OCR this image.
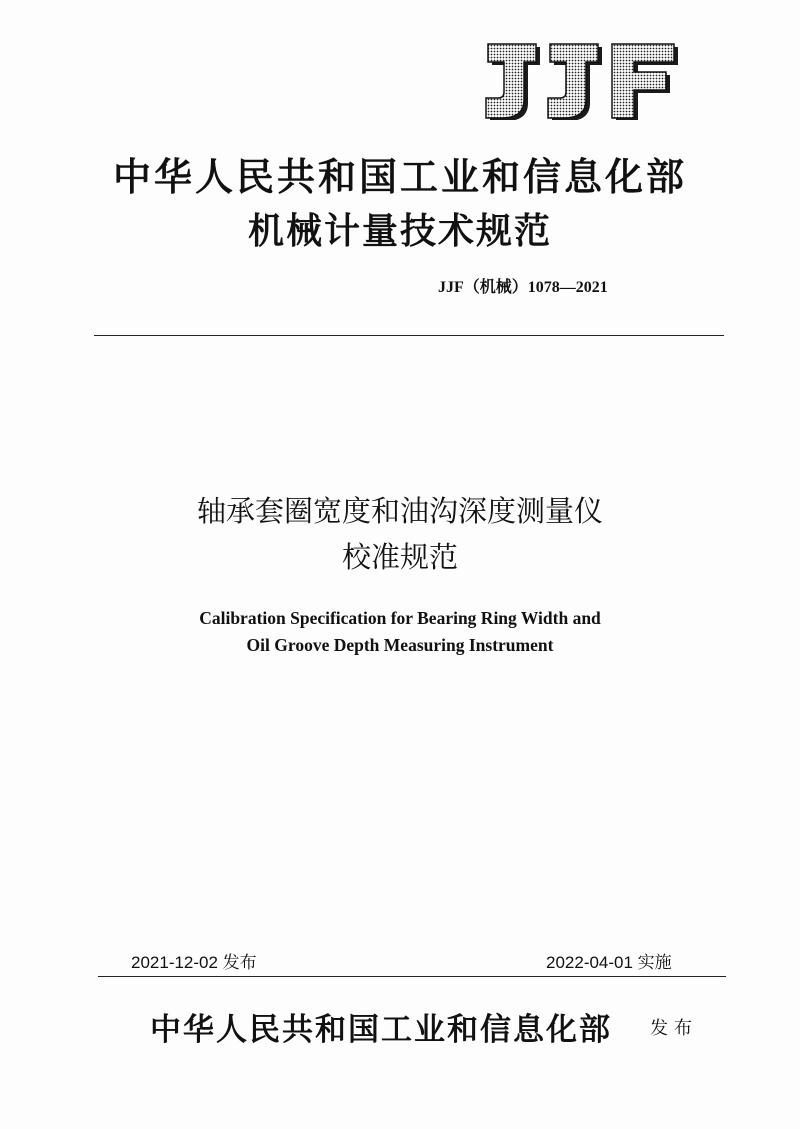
中华人民共和国工业和信息化部
机械计量技术规范
JJF（机械）1078—2021
轴承套圈宽度和油沟深度测量仪
校准规范
Calibration Specification for Bearing Ring Width and
Oil Groove Depth Measuring Instrument
2021-12-02 发布	2022-04-01 实施
中华人民共和国工业和信息化部 发布
